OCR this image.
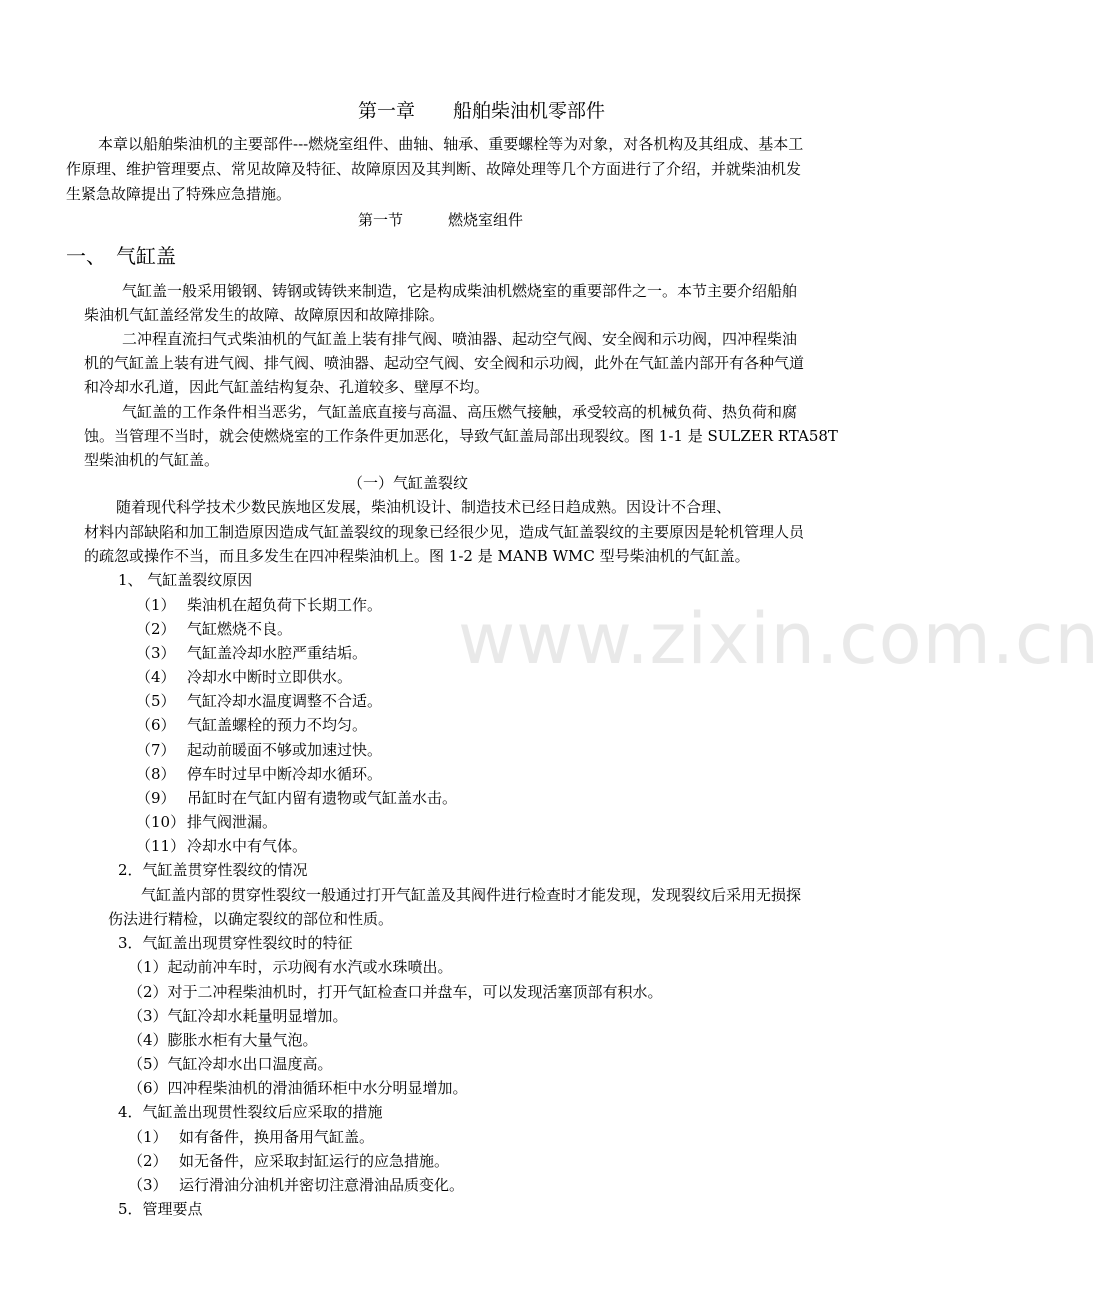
www.zixin.com.cn
第一章　　船舶柴油机零部件
本章以船舶柴油机的主要部件---燃烧室组件、曲轴、轴承、重要螺栓等为对象，对各机构及其组成、基本工
作原理、维护管理要点、常见故障及特征、故障原因及其判断、故障处理等几个方面进行了介绍，并就柴油机发
生紧急故障提出了特殊应急措施。
第一节　　　燃烧室组件
一、　气缸盖
气缸盖一般采用锻钢、铸钢或铸铁来制造，它是构成柴油机燃烧室的重要部件之一。本节主要介绍船舶
柴油机气缸盖经常发生的故障、故障原因和故障排除。
二冲程直流扫气式柴油机的气缸盖上装有排气阀、喷油器、起动空气阀、安全阀和示功阀，四冲程柴油
机的气缸盖上装有进气阀、排气阀、喷油器、起动空气阀、安全阀和示功阀，此外在气缸盖内部开有各种气道
和冷却水孔道，因此气缸盖结构复杂、孔道较多、壁厚不均。
气缸盖的工作条件相当恶劣，气缸盖底直接与高温、高压燃气接触，承受较高的机械负荷、热负荷和腐
蚀。当管理不当时，就会使燃烧室的工作条件更加恶化，导致气缸盖局部出现裂纹。图 1-1 是 SULZER RTA58T
型柴油机的气缸盖。
（一）气缸盖裂纹
随着现代科学技术少数民族地区发展，柴油机设计、制造技术已经日趋成熟。因设计不合理、
材料内部缺陷和加工制造原因造成气缸盖裂纹的现象已经很少见，造成气缸盖裂纹的主要原因是轮机管理人员
的疏忽或操作不当，而且多发生在四冲程柴油机上。图 1-2 是 MANB WMC 型号柴油机的气缸盖。
1、 气缸盖裂纹原因
（1） 柴油机在超负荷下长期工作。
（2） 气缸燃烧不良。
（3） 气缸盖冷却水腔严重结垢。
（4） 冷却水中断时立即供水。
（5） 气缸冷却水温度调整不合适。
（6） 气缸盖螺栓的预力不均匀。
（7） 起动前暖面不够或加速过快。
（8） 停车时过早中断冷却水循环。
（9） 吊缸时在气缸内留有遗物或气缸盖水击。
（10） 排气阀泄漏。
（11） 冷却水中有气体。
2．气缸盖贯穿性裂纹的情况
气缸盖内部的贯穿性裂纹一般通过打开气缸盖及其阀件进行检查时才能发现，发现裂纹后采用无损探
伤法进行精检，以确定裂纹的部位和性质。
3．气缸盖出现贯穿性裂纹时的特征
（1）起动前冲车时，示功阀有水汽或水珠喷出。
（2）对于二冲程柴油机时，打开气缸检查口并盘车，可以发现活塞顶部有积水。
（3）气缸冷却水耗量明显增加。
（4）膨胀水柜有大量气泡。
（5）气缸冷却水出口温度高。
（6）四冲程柴油机的滑油循环柜中水分明显增加。
4．气缸盖出现贯性裂纹后应采取的措施
（1） 如有备件，换用备用气缸盖。
（2） 如无备件，应采取封缸运行的应急措施。
（3） 运行滑油分油机并密切注意滑油品质变化。
5．管理要点
